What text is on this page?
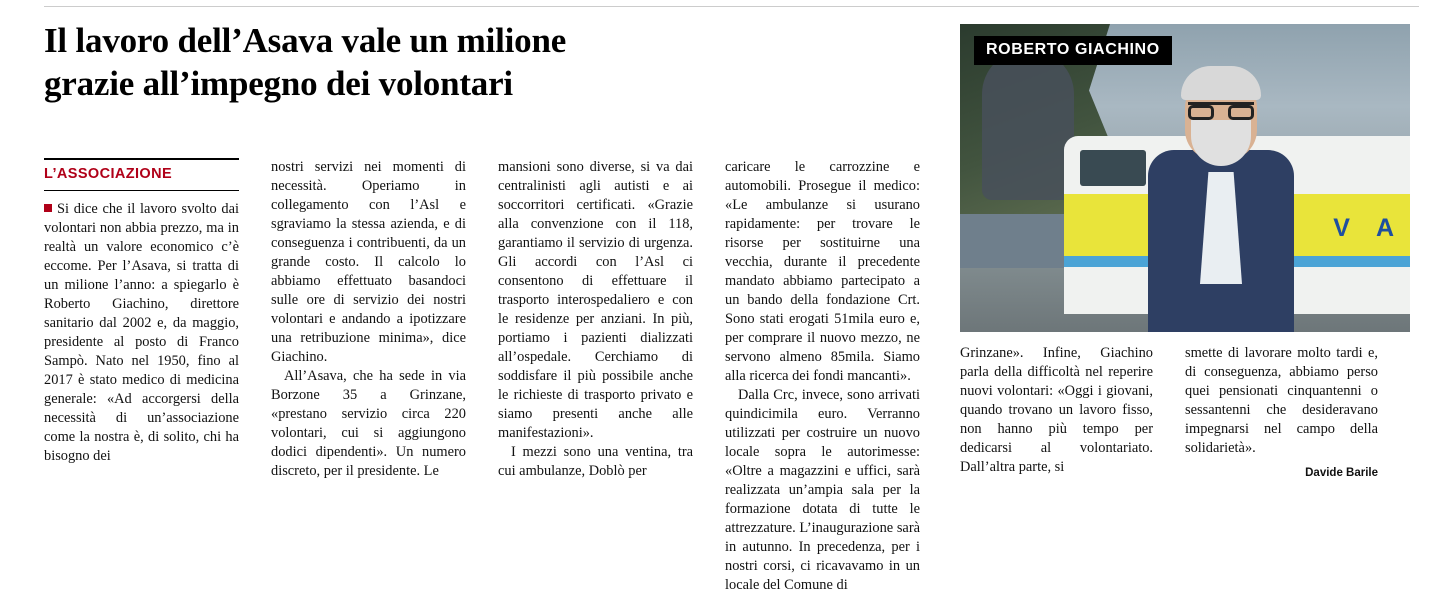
Il lavoro dell’Asava vale un milione
grazie all’impegno dei volontari
V A
ROBERTO GIACHINO
L’ASSOCIAZIONE

Si dice che il lavoro svolto dai volontari non abbia prezzo, ma in realtà un valore economico c’è eccome. Per l’Asava, si tratta di un milione l’anno: a spiegarlo è Roberto Giachino, direttore sanitario dal 2002 e, da maggio, presidente al posto di Franco Sampò. Nato nel 1950, fino al 2017 è stato medico di medicina generale: «Ad accorgersi della necessità di un’associazione come la nostra è, di solito, chi ha bisogno dei

nostri servizi nei momenti di necessità. Operiamo in collegamento con l’Asl e sgraviamo la stessa azienda, e di conseguenza i contribuenti, da un grande costo. Il calcolo lo abbiamo effettuato basandoci sulle ore di servizio dei nostri volontari e andando a ipotizzare una retribuzione minima», dice Giachino.

All’Asava, che ha sede in via Borzone 35 a Grinzane, «prestano servizio circa 220 volontari, cui si aggiungono dodici dipendenti». Un numero discreto, per il presidente. Le

mansioni sono diverse, si va dai centralinisti agli autisti e ai soccorritori certificati. «Grazie alla convenzione con il 118, garantiamo il servizio di urgenza. Gli accordi con l’Asl ci consentono di effettuare il trasporto interospedaliero e con le residenze per anziani. In più, portiamo i pazienti dializzati all’ospedale. Cerchiamo di soddisfare il più possibile anche le richieste di trasporto privato e siamo presenti anche alle manifestazioni».

I mezzi sono una ventina, tra cui ambulanze, Doblò per

caricare le carrozzine e automobili. Prosegue il medico: «Le ambulanze si usurano rapidamente: per trovare le risorse per sostituirne una vecchia, durante il precedente mandato abbiamo partecipato a un bando della fondazione Crt. Sono stati erogati 51mila euro e, per comprare il nuovo mezzo, ne servono almeno 85mila. Siamo alla ricerca dei fondi mancanti».

Dalla Crc, invece, sono arrivati quindicimila euro. Verranno utilizzati per costruire un nuovo locale sopra le autorimesse: «Oltre a magazzini e uffici, sarà realizzata un’ampia sala per la formazione dotata di tutte le attrezzature. L’inaugurazione sarà in autunno. In precedenza, per i nostri corsi, ci ricavavamo in un locale del Comune di

Grinzane». Infine, Giachino parla della difficoltà nel reperire nuovi volontari: «Oggi i giovani, quando trovano un lavoro fisso, non hanno più tempo per dedicarsi al volontariato. Dall’altra parte, si

smette di lavorare molto tardi e, di conseguenza, abbiamo perso quei pensionati cinquantenni o sessantenni che desideravano impegnarsi nel campo della solidarietà».

Davide Barile
